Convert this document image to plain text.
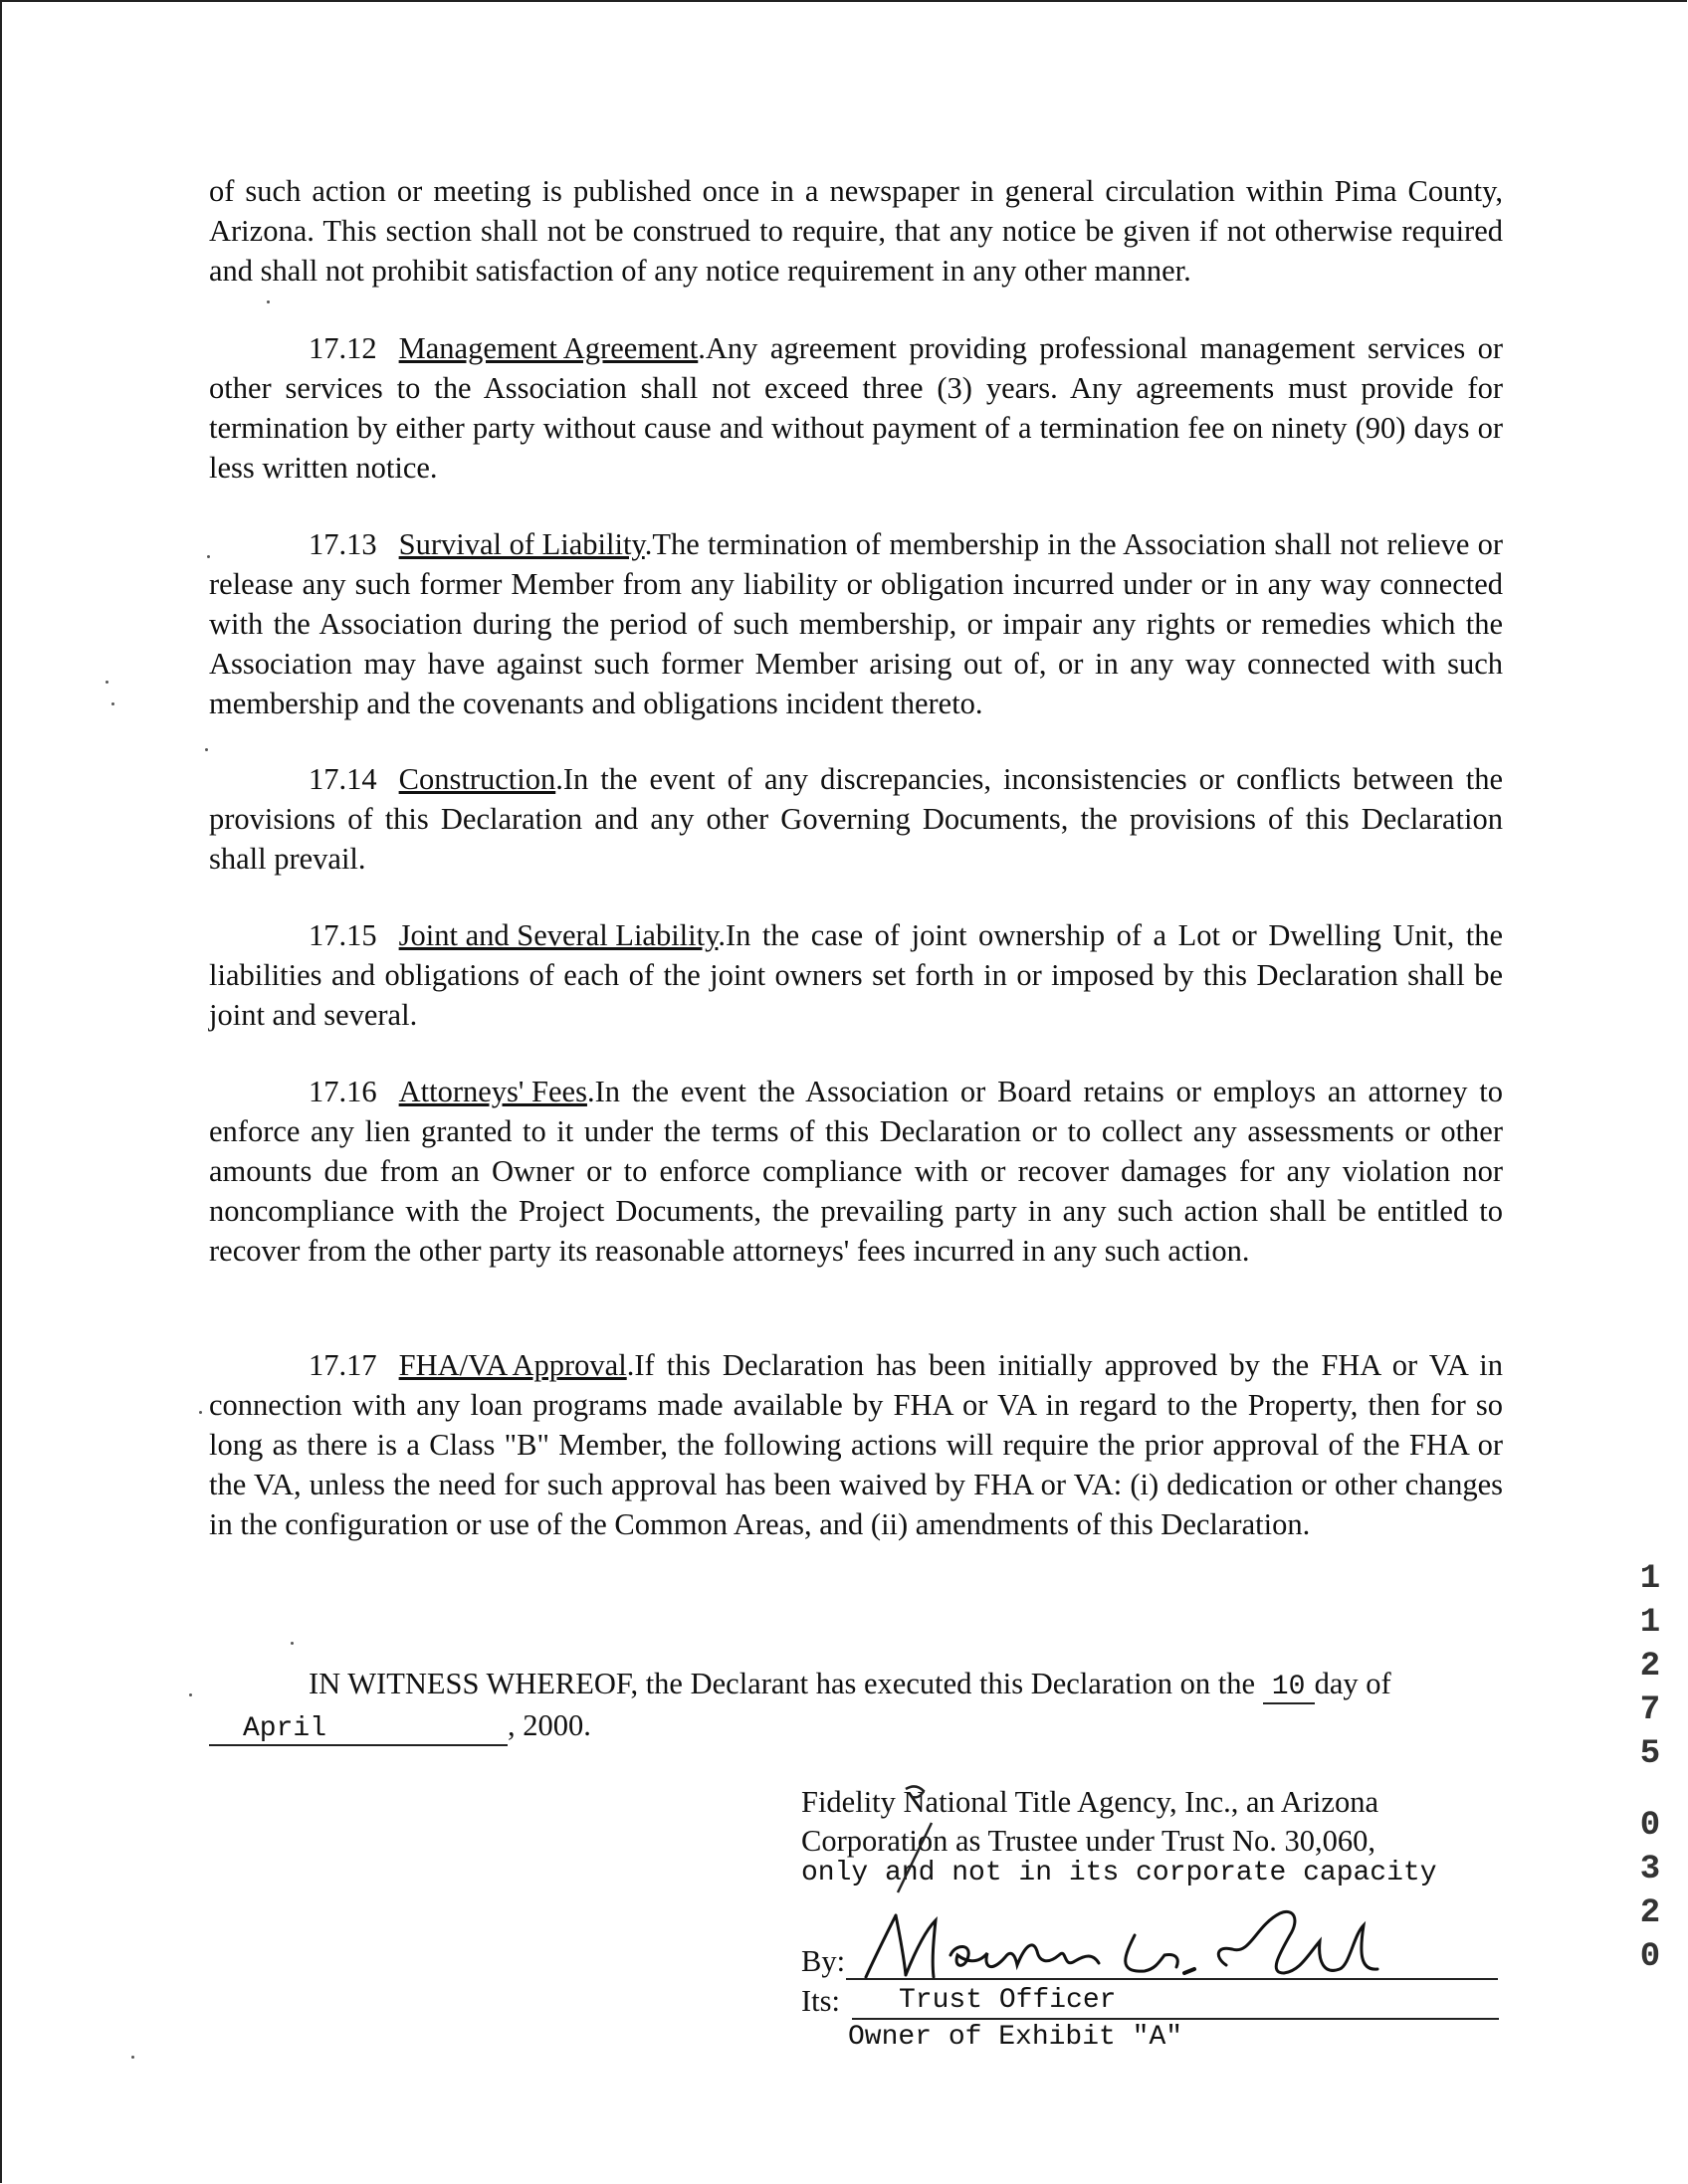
of such action or meeting is published once in a newspaper in general circulation within Pima County, Arizona. This section shall not be construed to require, that any notice be given if not otherwise required and shall not prohibit satisfaction of any notice requirement in any other manner.

17.12 Management Agreement.Any agreement providing professional management services or other services to the Association shall not exceed three (3) years. Any agreements must provide for termination by either party without cause and without payment of a termination fee on ninety (90) days or less written notice.

17.13 Survival of Liability.The termination of membership in the Association shall not relieve or release any such former Member from any liability or obligation incurred under or in any way connected with the Association during the period of such membership, or impair any rights or remedies which the Association may have against such former Member arising out of, or in any way connected with such membership and the covenants and obligations incident thereto.

17.14 Construction.In the event of any discrepancies, inconsistencies or conflicts between the provisions of this Declaration and any other Governing Documents, the provisions of this Declaration shall prevail.

17.15 Joint and Several Liability.In the case of joint ownership of a Lot or Dwelling Unit, the liabilities and obligations of each of the joint owners set forth in or imposed by this Declaration shall be joint and several.

17.16 Attorneys' Fees.In the event the Association or Board retains or employs an attorney to enforce any lien granted to it under the terms of this Declaration or to collect any assessments or other amounts due from an Owner or to enforce compliance with or recover damages for any violation nor noncompliance with the Project Documents, the prevailing party in any such action shall be entitled to recover from the other party its reasonable attorneys' fees incurred in any such action.

17.17 FHA/VA Approval.If this Declaration has been initially approved by the FHA or VA in connection with any loan programs made available by FHA or VA in regard to the Property, then for so long as there is a Class "B" Member, the following actions will require the prior approval of the FHA or the VA, unless the need for such approval has been waived by FHA or VA: (i) dedication or other changes in the configuration or use of the Common Areas, and (ii) amendments of this Declaration.

IN WITNESS WHEREOF, the Declarant has executed this Declaration on the 10 day of
April	, 2000.
Fidelity National Title Agency, Inc., an Arizona
Corporation as Trustee under Trust No. 30,060,
only and not in its corporate capacity
By:
Its: Trust Officer
Owner of Exhibit "A"
1
1
2
7
5
0
3
2
0
